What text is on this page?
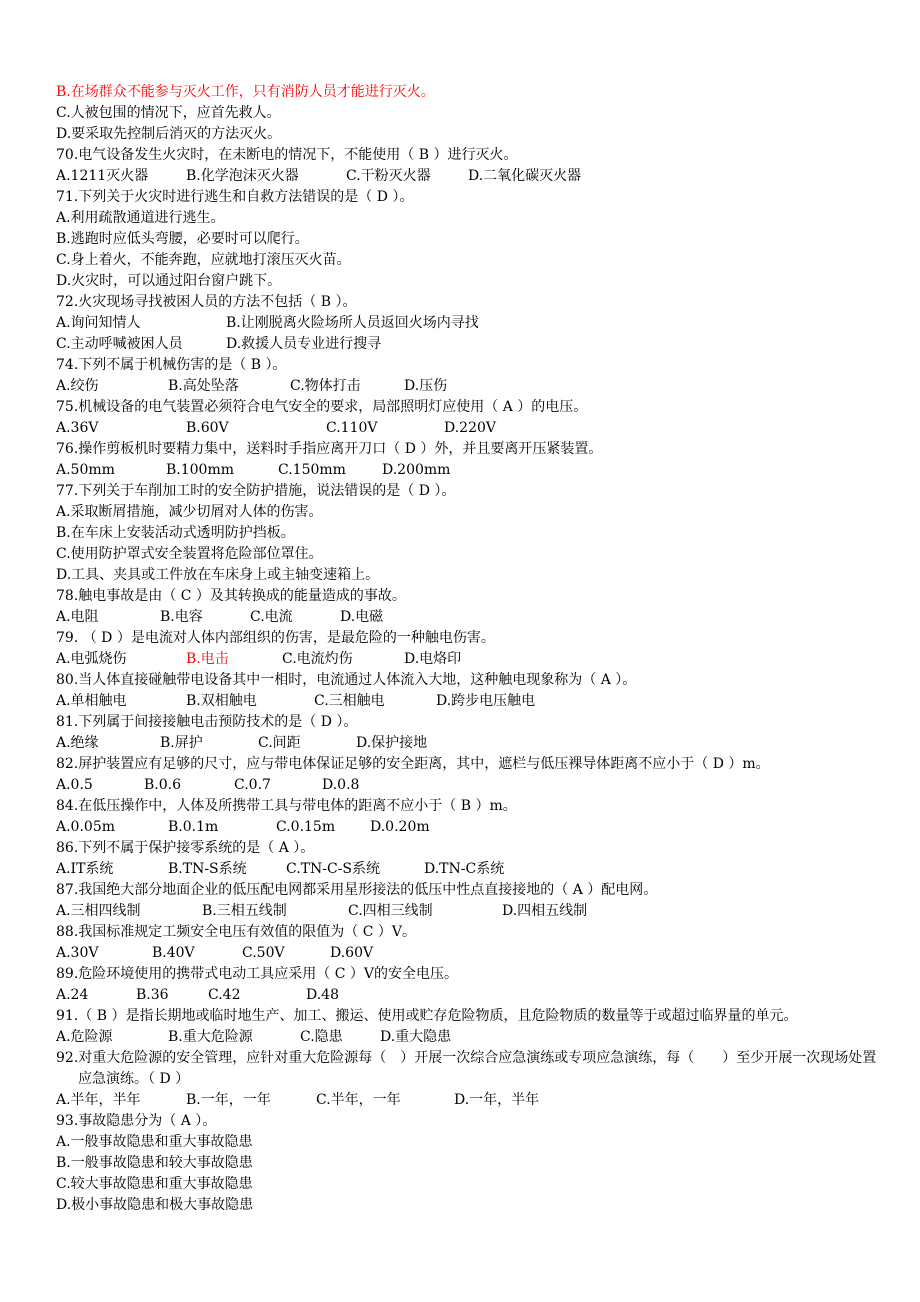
B.在场群众不能参与灭火工作，只有消防人员才能进行灭火。
C.人被包围的情况下，应首先救人。
D.要采取先控制后消灭的方法灭火。
70.电气设备发生火灾时，在未断电的情况下，不能使用（ B ）进行灭火。
A.1211灭火器	B.化学泡沫灭火器	C.干粉灭火器	D.二氧化碳灭火器
71.下列关于火灾时进行逃生和自救方法错误的是（ D ）。
A.利用疏散通道进行逃生。
B.逃跑时应低头弯腰，必要时可以爬行。
C.身上着火，不能奔跑，应就地打滚压灭火苗。
D.火灾时，可以通过阳台窗户跳下。
72.火灾现场寻找被困人员的方法不包括（ B ）。
A.询问知情人	B.让刚脱离火险场所人员返回火场内寻找
C.主动呼喊被困人员	D.救援人员专业进行搜寻
74.下列不属于机械伤害的是（ B ）。
A.绞伤	B.高处坠落	C.物体打击	D.压伤
75.机械设备的电气装置必须符合电气安全的要求，局部照明灯应使用（ A ）的电压。
A.36V	B.60V	C.110V	D.220V
76.操作剪板机时要精力集中，送料时手指应离开刀口（ D ）外，并且要离开压紧装置。
A.50mm	B.100mm	C.150mm	D.200mm
77.下列关于车削加工时的安全防护措施，说法错误的是（ D ）。
A.采取断屑措施，减少切屑对人体的伤害。
B.在车床上安装活动式透明防护挡板。
C.使用防护罩式安全装置将危险部位罩住。
D.工具、夹具或工件放在车床身上或主轴变速箱上。
78.触电事故是由（ C ）及其转换成的能量造成的事故。
A.电阻	B.电容	C.电流	D.电磁
79. （ D ）是电流对人体内部组织的伤害，是最危险的一种触电伤害。
A.电弧烧伤	B.电击	C.电流灼伤	D.电烙印
80.当人体直接碰触带电设备其中一相时，电流通过人体流入大地，这种触电现象称为（ A ）。
A.单相触电	B.双相触电	C.三相触电	D.跨步电压触电
81.下列属于间接接触电击预防技术的是（ D ）。
A.绝缘	B.屏护	C.间距	D.保护接地
82.屏护装置应有足够的尺寸，应与带电体保证足够的安全距离，其中，遮栏与低压裸导体距离不应小于（ D ）m。
A.0.5	B.0.6	C.0.7	D.0.8
84.在低压操作中，人体及所携带工具与带电体的距离不应小于（ B ）m。
A.0.05m	B.0.1m	C.0.15m	D.0.20m
86.下列不属于保护接零系统的是（ A ）。
A.IT系统	B.TN-S系统	C.TN-C-S系统	D.TN-C系统
87.我国绝大部分地面企业的低压配电网都采用星形接法的低压中性点直接接地的（ A ）配电网。
A.三相四线制	B.三相五线制	C.四相三线制	D.四相五线制
88.我国标准规定工频安全电压有效值的限值为（ C ）V。
A.30V	B.40V	C.50V	D.60V
89.危险环境使用的携带式电动工具应采用（ C ）V的安全电压。
A.24	B.36	C.42	D.48
91.（ B ）是指长期地或临时地生产、加工、搬运、使用或贮存危险物质，且危险物质的数量等于或超过临界量的单元。
A.危险源	B.重大危险源	C.隐患	D.重大隐患
92.对重大危险源的安全管理，应针对重大危险源每（　）开展一次综合应急演练或专项应急演练，每（　　）至少开展一次现场处置应急演练。（ D ）
A.半年，半年	B.一年，一年	C.半年，一年	D.一年，半年
93.事故隐患分为（ A ）。
A.一般事故隐患和重大事故隐患
B.一般事故隐患和较大事故隐患
C.较大事故隐患和重大事故隐患
D.极小事故隐患和极大事故隐患
